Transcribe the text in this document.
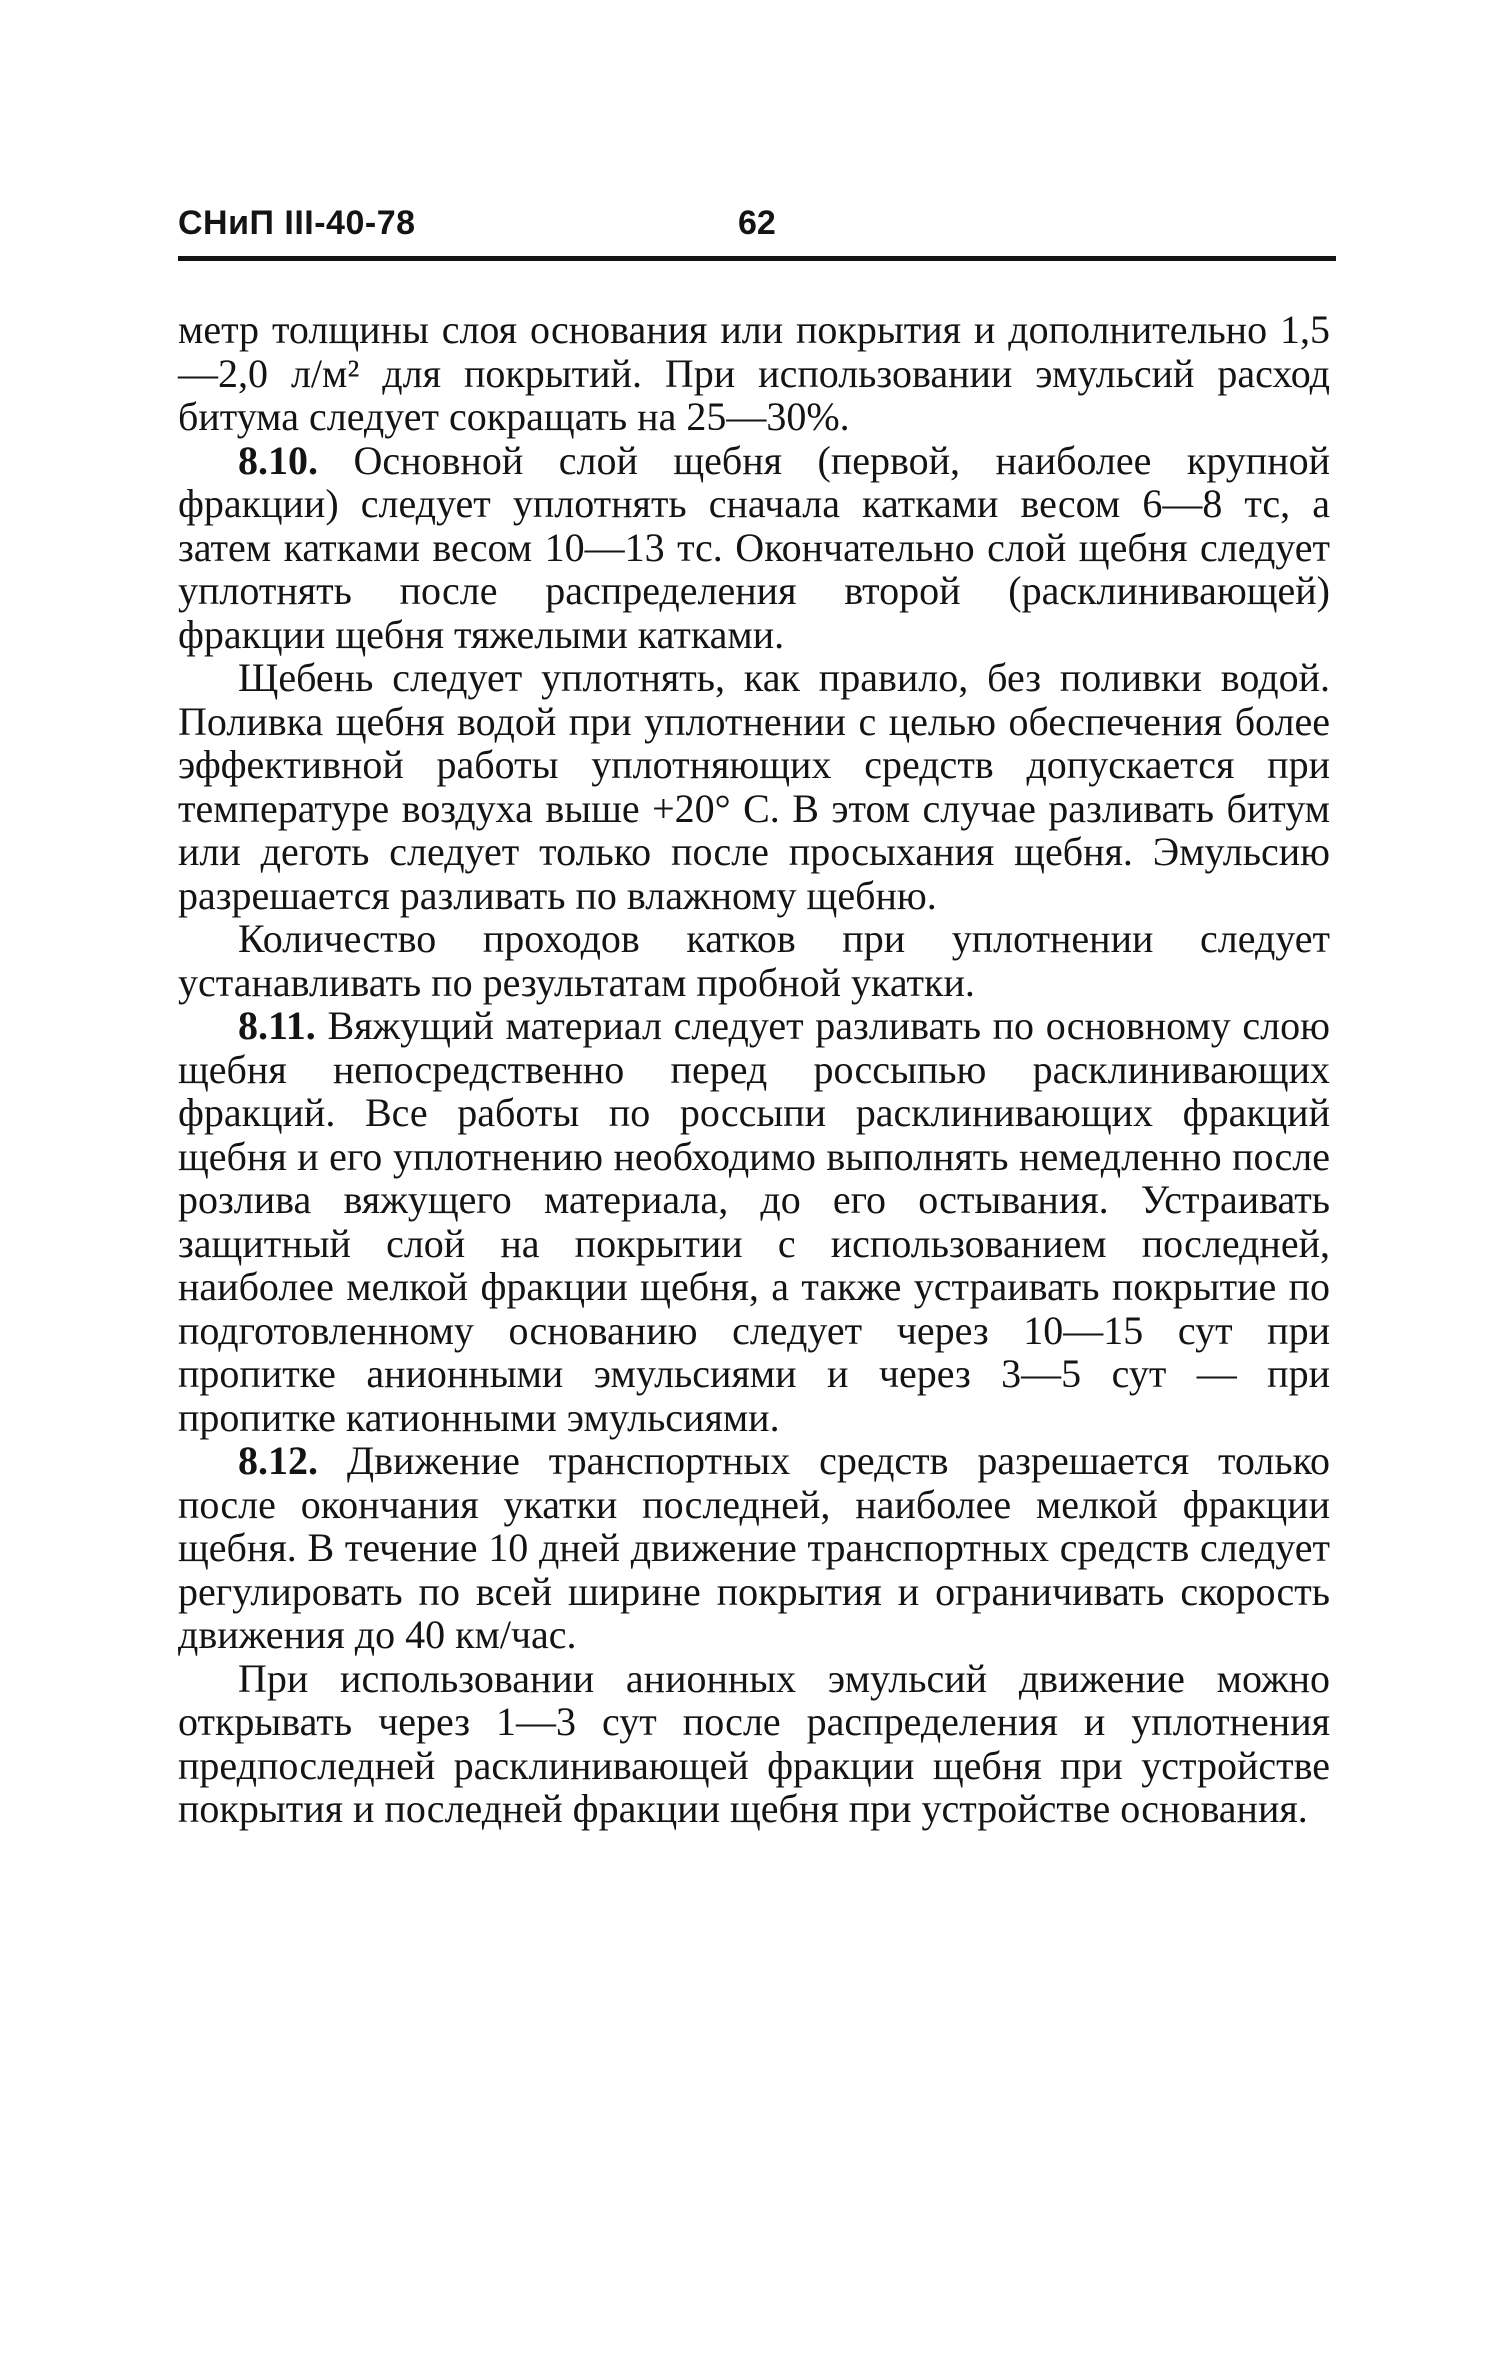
СНиП III-40-78	62

метр толщины слоя основания или покрытия и дополнительно 1,5—2,0 л/м² для покрытий. При использовании эмульсий расход битума следует сокращать на 25—30%.

8.10. Основной слой щебня (первой, наиболее крупной фракции) следует уплотнять сначала катками весом 6—8 тс, а затем катками весом 10—13 тс. Окончательно слой щебня следует уплотнять после распределения второй (расклинивающей) фракции щебня тяжелыми катками.

Щебень следует уплотнять, как правило, без поливки водой. Поливка щебня водой при уплотнении с целью обеспечения более эффективной работы уплотняющих средств допускается при температуре воздуха выше +20° С. В этом случае разливать битум или деготь следует только после просыхания щебня. Эмульсию разрешается разливать по влажному щебню.

Количество проходов катков при уплотнении следует устанавливать по результатам пробной укатки.

8.11. Вяжущий материал следует разливать по основному слою щебня непосредственно перед россыпью расклинивающих фракций. Все работы по россыпи расклинивающих фракций щебня и его уплотнению необходимо выполнять немедленно после розлива вяжущего материала, до его остывания. Устраивать защитный слой на покрытии с использованием последней, наиболее мелкой фракции щебня, а также устраивать покрытие по подготовленному основанию следует через 10—15 сут при пропитке анионными эмульсиями и через 3—5 сут — при пропитке катионными эмульсиями.

8.12. Движение транспортных средств разрешается только после окончания укатки последней, наиболее мелкой фракции щебня. В течение 10 дней движение транспортных средств следует регулировать по всей ширине покрытия и ограничивать скорость движения до 40 км/час.

При использовании анионных эмульсий движение можно открывать через 1—3 сут после распределения и уплотнения предпоследней расклинивающей фракции щебня при устройстве покрытия и последней фракции щебня при устройстве основания.
